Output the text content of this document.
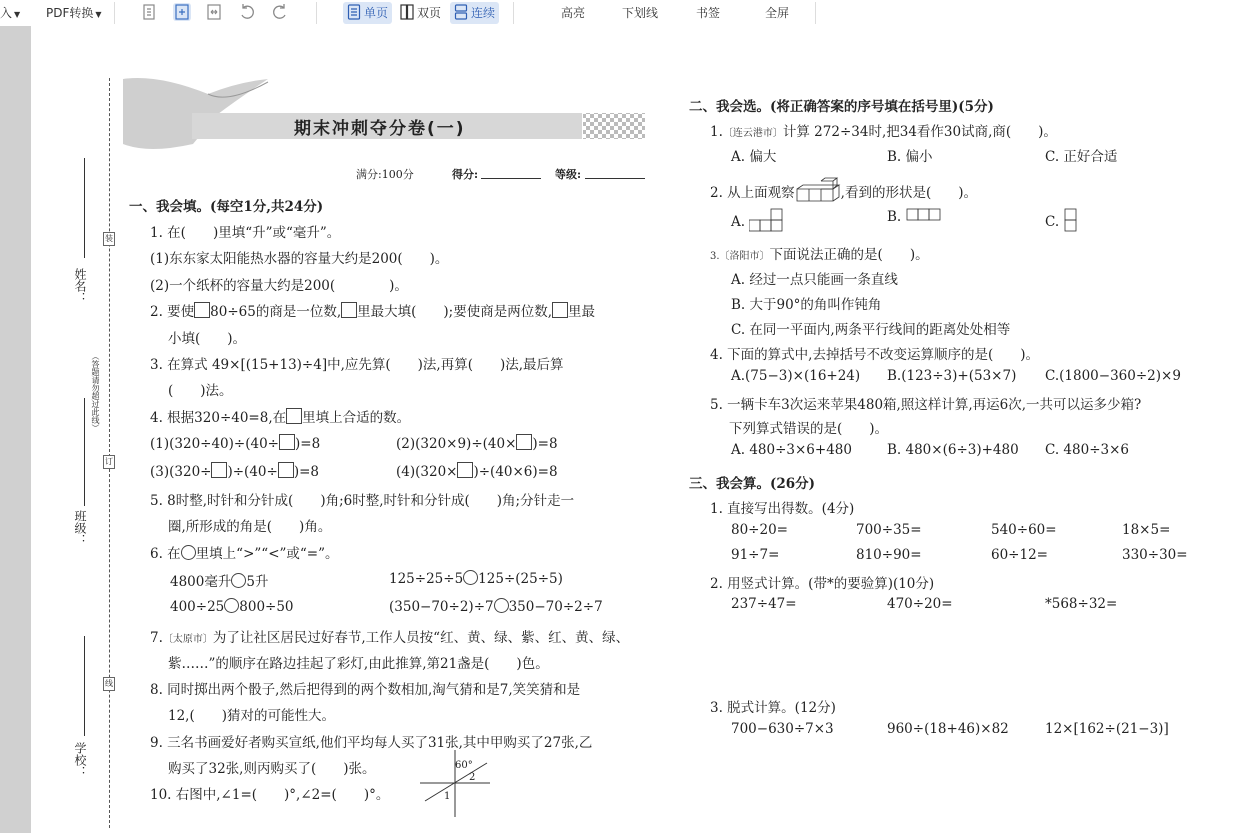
入 ▼ PDF转换 ▼	单页	双页	连续	高亮	下划线	书签	全屏
姓名：
（答题请勿超过此线）
班级：
学校：
装
订
线
期末冲刺夺分卷(一)
满分:100分	得分:	等级:
一、我会填。(每空1分,共24分)
1. 在(　　)里填“升”或“毫升”。
(1)东东家太阳能热水器的容量大约是200(　　)。
(2)一个纸杯的容量大约是200(　　　　)。
2. 要使 80÷65的商是一位数, 里最大填(　　);要使商是两位数, 里最
小填(　　)。
3. 在算式 49×[(15+13)÷4]中,应先算(　　)法,再算(　　)法,最后算
(　　)法。
4. 根据320÷40=8,在 里填上合适的数。
(1)(320÷40)÷(40÷ )=8	(2)(320×9)÷(40× )=8
(3)(320÷ )÷(40÷ )=8	(4)(320× )÷(40×6)=8
5. 8时整,时针和分针成(　　)角;6时整,时针和分针成(　　)角;分针走一
圈,所形成的角是(　　)角。
6. 在 里填上“>”“<”或“=”。
4800毫升 5升	125÷25÷5 125÷(25÷5)
400÷25 800÷50	(350−70÷2)÷7 350−70÷2÷7
7.〔太原市〕为了让社区居民过好春节,工作人员按“红、黄、绿、紫、红、黄、绿、
紫……”的顺序在路边挂起了彩灯,由此推算,第21盏是(　　)色。
8. 同时掷出两个骰子,然后把得到的两个数相加,淘气猜和是7,笑笑猜和是
12,(　　)猜对的可能性大。
9. 三名书画爱好者购买宣纸,他们平均每人买了31张,其中甲购买了27张,乙
购买了32张,则丙购买了(　　)张。
10. 右图中,∠1=(　　)°,∠2=(　　)°。
60°
2
1
二、我会选。(将正确答案的序号填在括号里)(5分)
1.〔连云港市〕计算 272÷34时,把34看作30试商,商(　　)。
A. 偏大	B. 偏小	C. 正好合适
2. 从上面观察	,看到的形状是(　　)。
A.	B.	C.
3.〔洛阳市〕下面说法正确的是(　　)。
A. 经过一点只能画一条直线
B. 大于90°的角叫作钝角
C. 在同一平面内,两条平行线间的距离处处相等
4. 下面的算式中,去掉括号不改变运算顺序的是(　　)。
A.(75−3)×(16+24) B.(123÷3)+(53×7) C.(1800−360÷2)×9
5. 一辆卡车3次运来苹果480箱,照这样计算,再运6次,一共可以运多少箱?
下列算式错误的是(　　)。
A. 480÷3×6+480	B. 480×(6÷3)+480 C. 480÷3×6
三、我会算。(26分)
1. 直接写出得数。(4分)
80÷20=	700÷35=	540÷60=	18×5=
91÷7=	810÷90=	60÷12=	330÷30=
2. 用竖式计算。(带*的要验算)(10分)
237÷47=	470÷20=	*568÷32=
3. 脱式计算。(12分)
700−630÷7×3	960÷(18+46)×82	12×[162÷(21−3)]
